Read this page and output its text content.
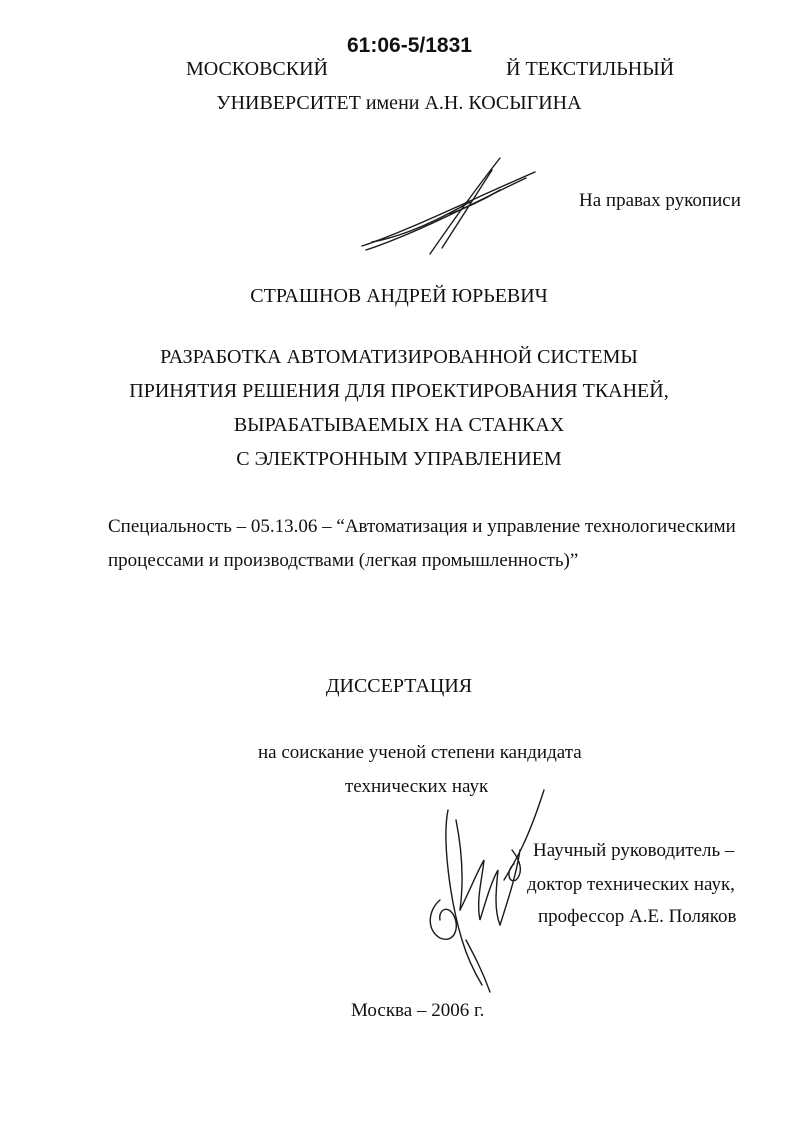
61:06-5/1831
МОСКОВСКИЙ	Й ТЕКСТИЛЬНЫЙ
УНИВЕРСИТЕТ имени А.Н. КОСЫГИНА
На правах рукописи
СТРАШНОВ АНДРЕЙ ЮРЬЕВИЧ
РАЗРАБОТКА АВТОМАТИЗИРОВАННОЙ СИСТЕМЫ
ПРИНЯТИЯ РЕШЕНИЯ ДЛЯ ПРОЕКТИРОВАНИЯ ТКАНЕЙ,
ВЫРАБАТЫВАЕМЫХ НА СТАНКАХ
С ЭЛЕКТРОННЫМ УПРАВЛЕНИЕМ
Специальность – 05.13.06 – “Автоматизация и управление технологическими
процессами и производствами (легкая промышленность)”
ДИССЕРТАЦИЯ
на соискание ученой степени кандидата
технических наук
Научный руководитель –
доктор технических наук,
профессор А.Е. Поляков
Москва – 2006 г.
